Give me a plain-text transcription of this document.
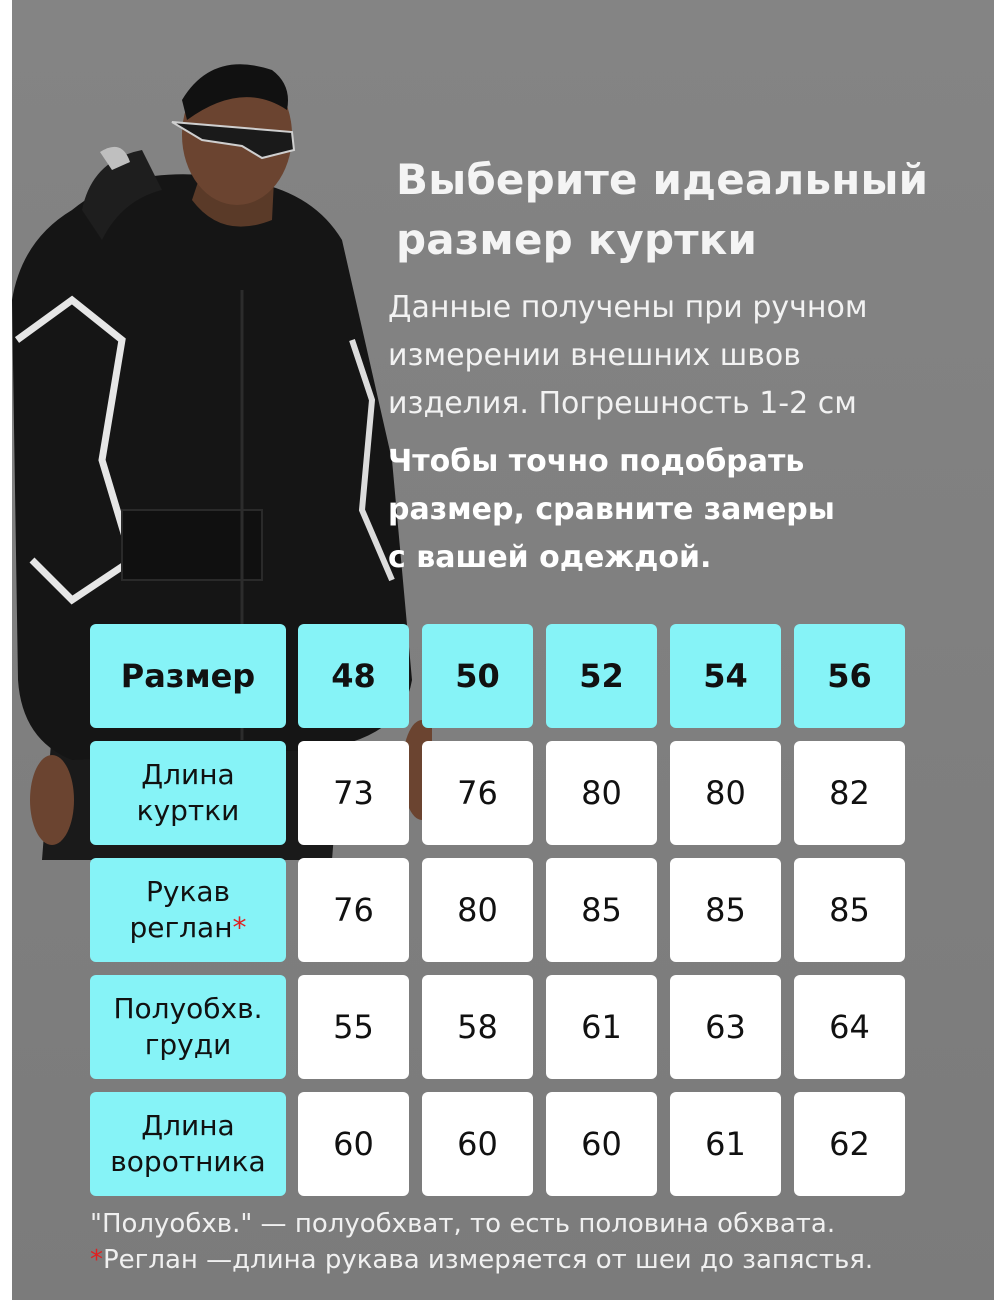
Выберите идеальный
размер куртки
Данные получены при ручном
измерении внешних швов
изделия. Погрешность 1-2 см
Чтобы точно подобрать
размер, сравните замеры
с вашей одеждой.
Размер	48	50	52	54	56
Длина
куртки	73	76	80	80	82
Рукав
реглан*	76	80	85	85	85
Полуобхв.
груди	55	58	61	63	64
Длина
воротника	60	60	60	61	62
"Полуобхв." — полуобхват, то есть половина обхвата.
*Реглан —длина рукава измеряется от шеи до запястья.
